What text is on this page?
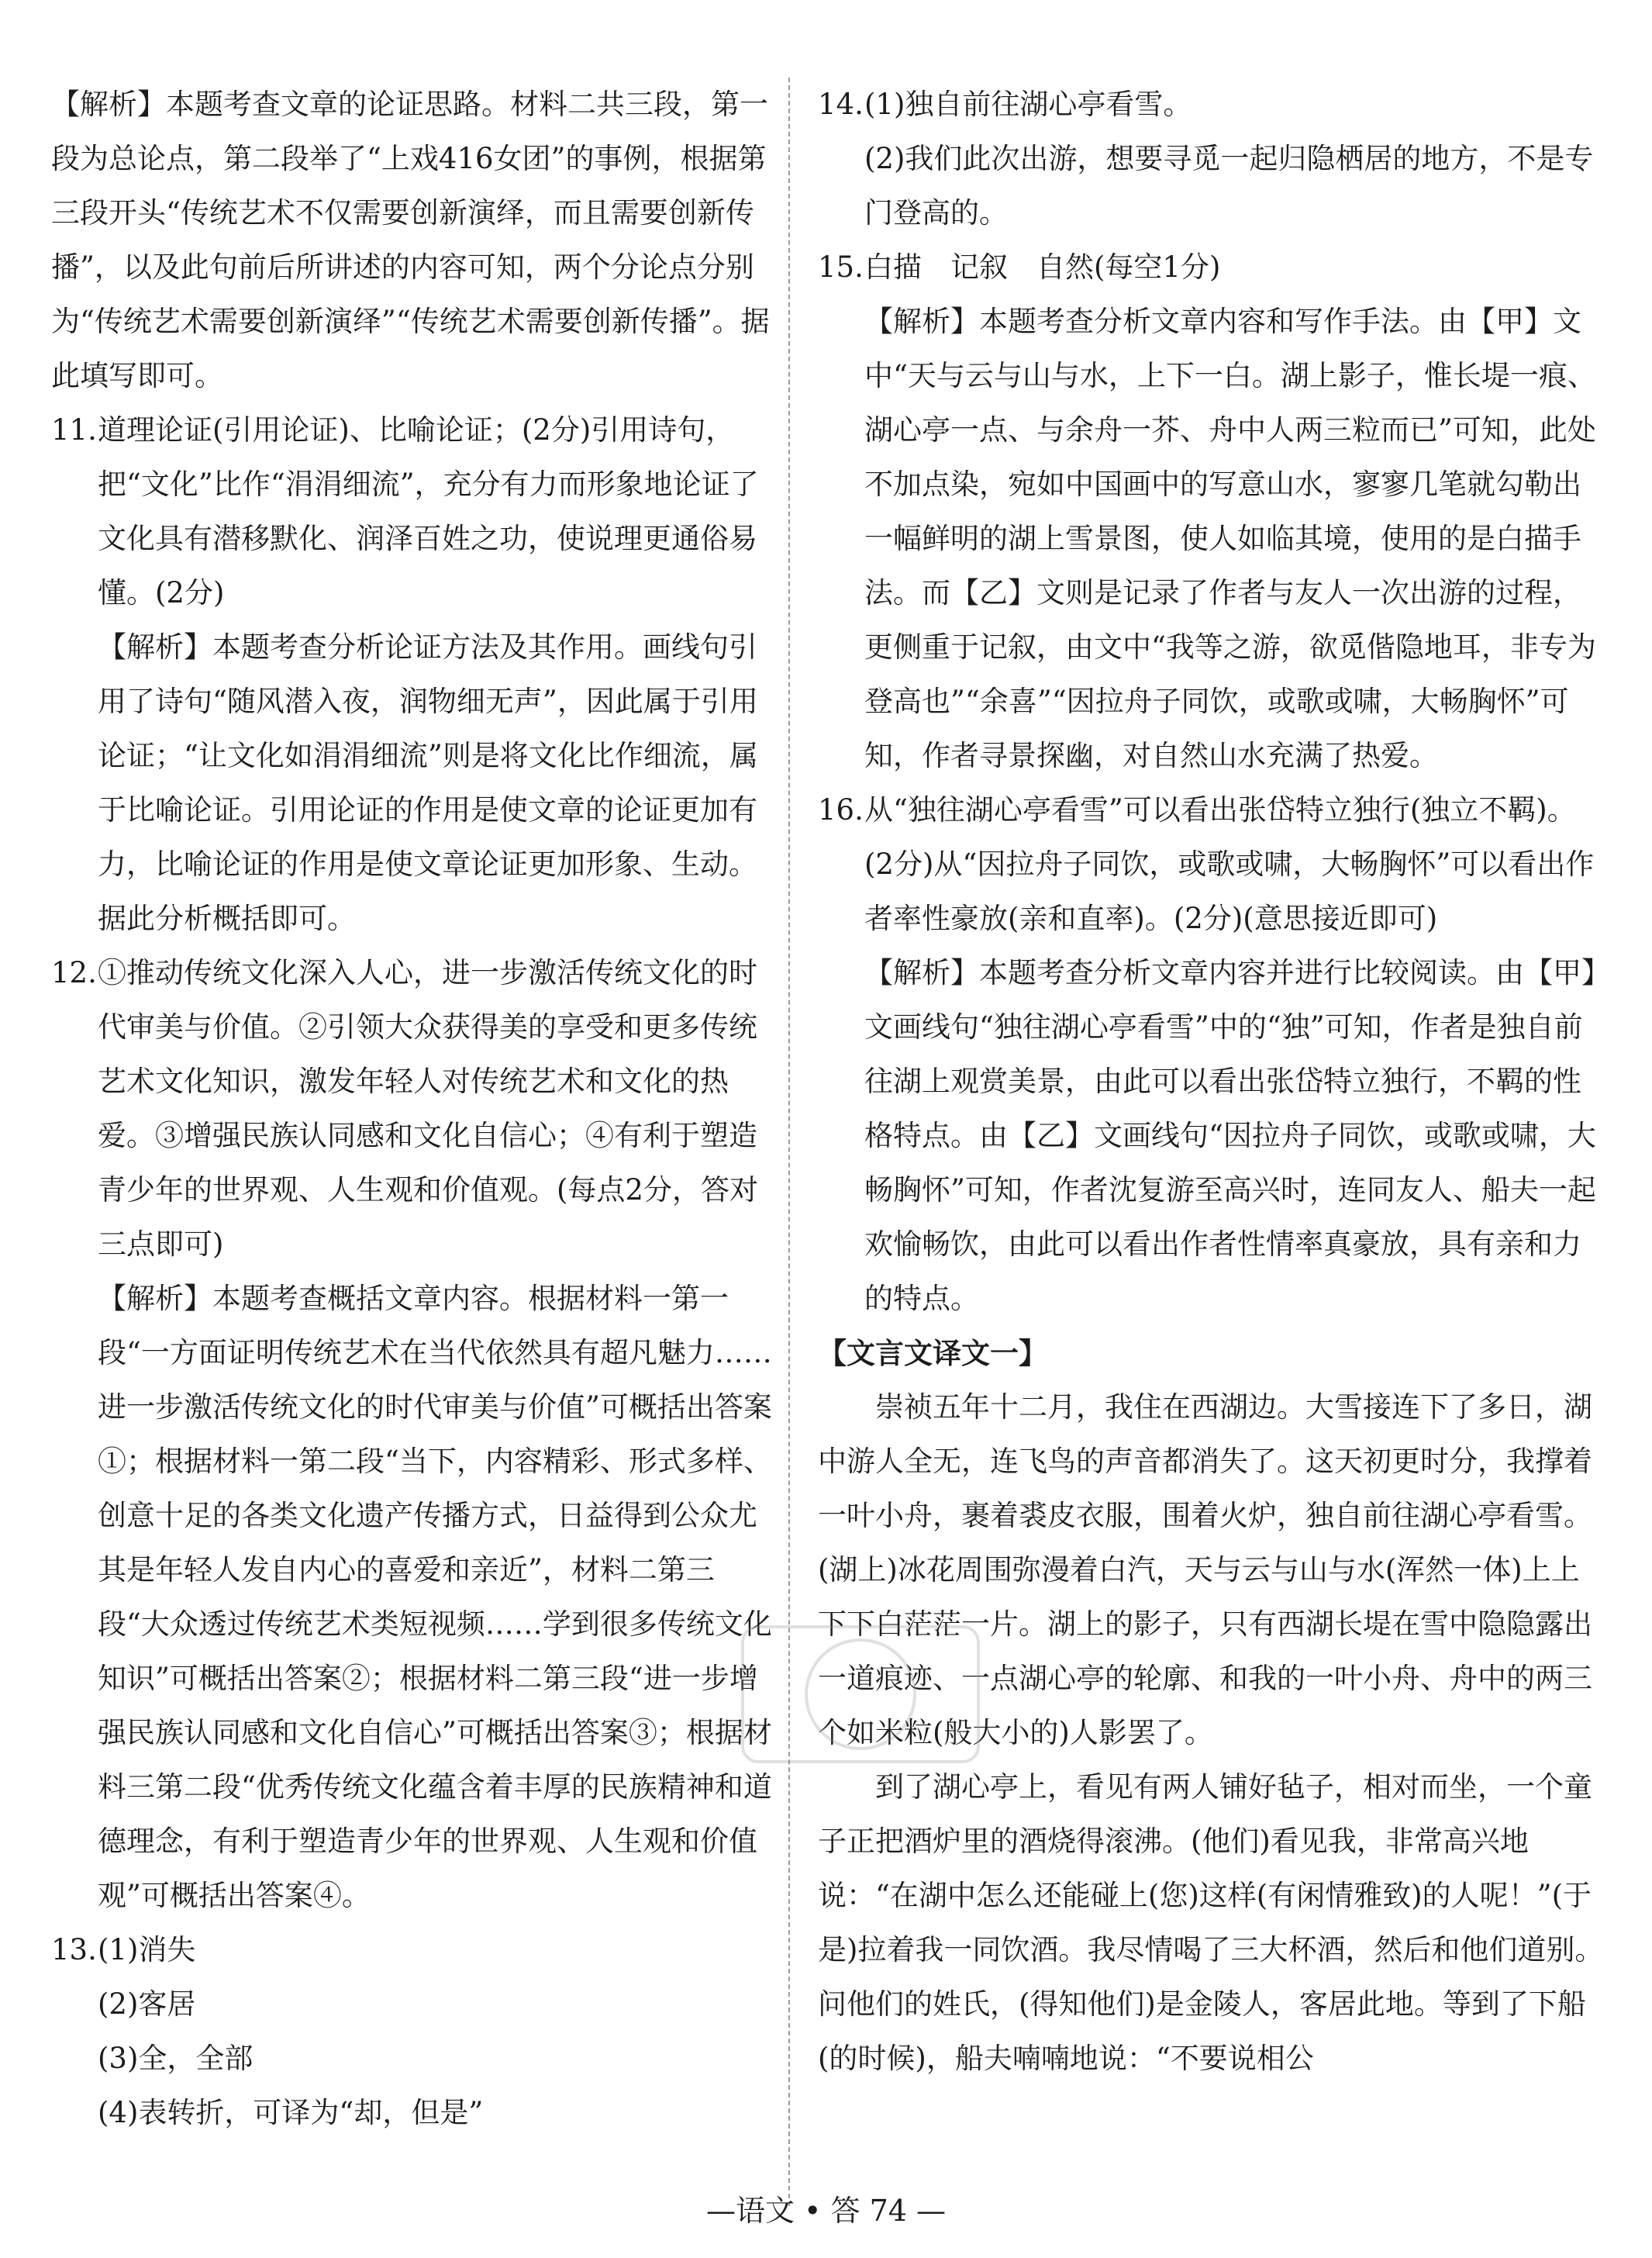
【解析】本题考查文章的论证思路。材料二共三段，第一段为总论点，第二段举了“上戏416女团”的事例，根据第三段开头“传统艺术不仅需要创新演绎，而且需要创新传播”，以及此句前后所讲述的内容可知，两个分论点分别为“传统艺术需要创新演绎”“传统艺术需要创新传播”。据此填写即可。

11. 道理论证(引用论证)、比喻论证；(2分)引用诗句，把“文化”比作“涓涓细流”，充分有力而形象地论证了文化具有潜移默化、润泽百姓之功，使说理更通俗易懂。(2分)

【解析】本题考查分析论证方法及其作用。画线句引用了诗句“随风潜入夜，润物细无声”，因此属于引用论证；“让文化如涓涓细流”则是将文化比作细流，属于比喻论证。引用论证的作用是使文章的论证更加有力，比喻论证的作用是使文章论证更加形象、生动。据此分析概括即可。

12. ①推动传统文化深入人心，进一步激活传统文化的时代审美与价值。②引领大众获得美的享受和更多传统艺术文化知识，激发年轻人对传统艺术和文化的热爱。③增强民族认同感和文化自信心；④有利于塑造青少年的世界观、人生观和价值观。(每点2分，答对三点即可)

【解析】本题考查概括文章内容。根据材料一第一段“一方面证明传统艺术在当代依然具有超凡魅力……进一步激活传统文化的时代审美与价值”可概括出答案①；根据材料一第二段“当下，内容精彩、形式多样、创意十足的各类文化遗产传播方式，日益得到公众尤其是年轻人发自内心的喜爱和亲近”，材料二第三段“大众透过传统艺术类短视频……学到很多传统文化知识”可概括出答案②；根据材料二第三段“进一步增强民族认同感和文化自信心”可概括出答案③；根据材料三第二段“优秀传统文化蕴含着丰厚的民族精神和道德理念，有利于塑造青少年的世界观、人生观和价值观”可概括出答案④。

13. (1)消失

(2)客居

(3)全，全部

(4)表转折，可译为“却，但是”

14. (1)独自前往湖心亭看雪。

(2)我们此次出游，想要寻觅一起归隐栖居的地方，不是专门登高的。

15. 白描　记叙　自然(每空1分)

【解析】本题考查分析文章内容和写作手法。由【甲】文中“天与云与山与水，上下一白。湖上影子，惟长堤一痕、湖心亭一点、与余舟一芥、舟中人两三粒而已”可知，此处不加点染，宛如中国画中的写意山水，寥寥几笔就勾勒出一幅鲜明的湖上雪景图，使人如临其境，使用的是白描手法。而【乙】文则是记录了作者与友人一次出游的过程，更侧重于记叙，由文中“我等之游，欲觅偕隐地耳，非专为登高也”“余喜”“因拉舟子同饮，或歌或啸，大畅胸怀”可知，作者寻景探幽，对自然山水充满了热爱。

16. 从“独往湖心亭看雪”可以看出张岱特立独行(独立不羁)。(2分)从“因拉舟子同饮，或歌或啸，大畅胸怀”可以看出作者率性豪放(亲和直率)。(2分)(意思接近即可)

【解析】本题考查分析文章内容并进行比较阅读。由【甲】文画线句“独往湖心亭看雪”中的“独”可知，作者是独自前往湖上观赏美景，由此可以看出张岱特立独行，不羁的性格特点。由【乙】文画线句“因拉舟子同饮，或歌或啸，大畅胸怀”可知，作者沈复游至高兴时，连同友人、船夫一起欢愉畅饮，由此可以看出作者性情率真豪放，具有亲和力的特点。

【文言文译文一】

崇祯五年十二月，我住在西湖边。大雪接连下了多日，湖中游人全无，连飞鸟的声音都消失了。这天初更时分，我撑着一叶小舟，裹着裘皮衣服，围着火炉，独自前往湖心亭看雪。(湖上)冰花周围弥漫着白汽，天与云与山与水(浑然一体)上上下下白茫茫一片。湖上的影子，只有西湖长堤在雪中隐隐露出一道痕迹、一点湖心亭的轮廓、和我的一叶小舟、舟中的两三个如米粒(般大小的)人影罢了。

到了湖心亭上，看见有两人铺好毡子，相对而坐，一个童子正把酒炉里的酒烧得滚沸。(他们)看见我，非常高兴地说：“在湖中怎么还能碰上(您)这样(有闲情雅致)的人呢！”(于是)拉着我一同饮酒。我尽情喝了三大杯酒，然后和他们道别。问他们的姓氏，(得知他们)是金陵人，客居此地。等到了下船(的时候)，船夫喃喃地说：“不要说相公

—语文 • 答 74 —
